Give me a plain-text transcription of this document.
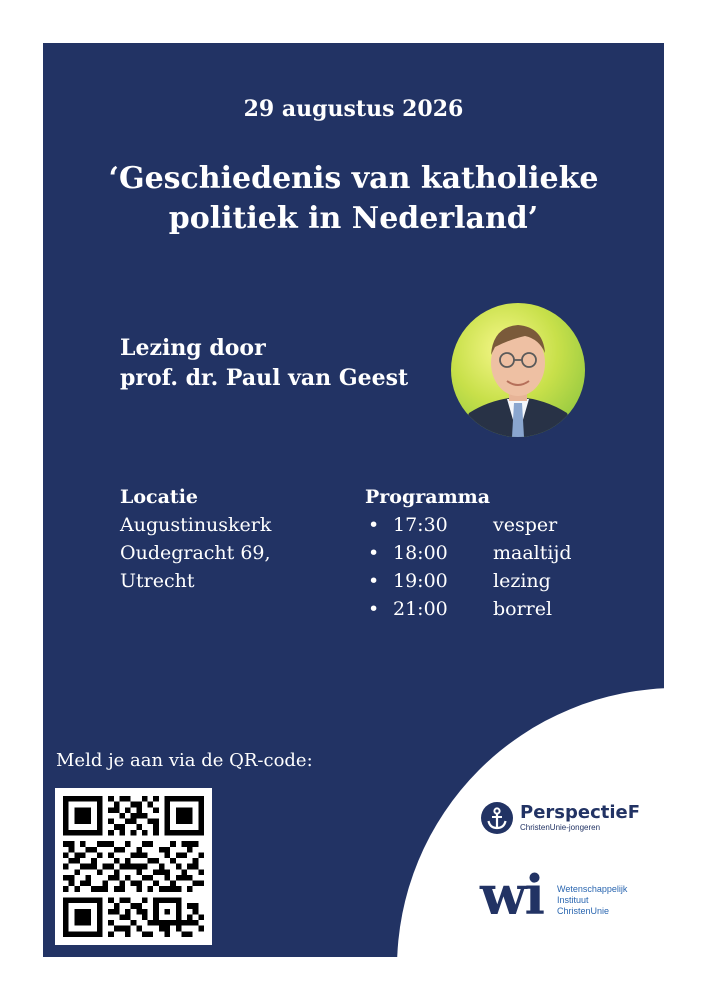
29 augustus 2026
‘Geschiedenis van katholieke
politiek in Nederland’
Lezing door
prof. dr. Paul van Geest
Locatie
Augustinuskerk
Oudegracht 69,
Utrecht
Programma
• 17:30	vesper
• 18:00	maaltijd
• 19:00	lezing
• 21:00	borrel
Meld je aan via de QR-code:
PerspectieF
ChristenUnie-jongeren
wi Wetenschappelijk
Instituut
ChristenUnie
